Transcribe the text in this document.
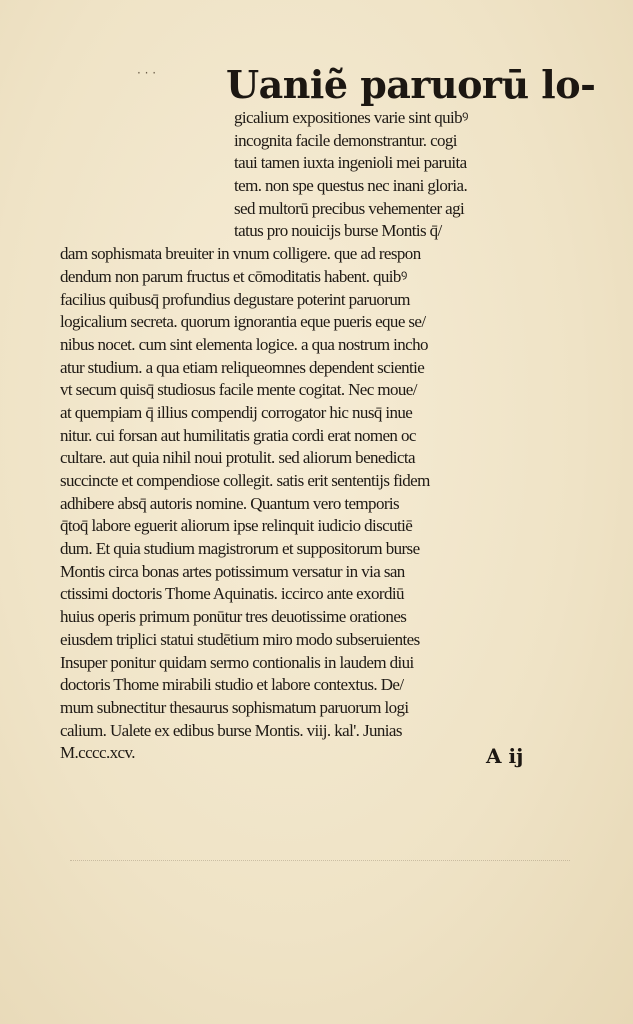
Uaniẽ paruorū lo-
· · ·
gicalium expositiones varie sint quibꝰ
incognita facile demonstrantur. cogi
taui tamen iuxta ingenioli mei paruita
tem. non spe questus nec inani gloria.
sed multorū precibus vehementer agi
tatus pro nouicijs burse Montis q̄/
dam sophismata breuiter in vnum colligere. que ad respon
dendum non parum fructus et cōmoditatis habent. quibꝰ
facilius quibusq̄ profundius degustare poterint paruorum
logicalium secreta. quorum ignorantia eque pueris eque se/
nibus nocet. cum sint elementa logice. a qua nostrum incho
atur studium. a qua etiam reliqueomnes dependent scientie
vt secum quisq̄ studiosus facile mente cogitat. Nec moue/
at quempiam q̄ illius compendij corrogator hic nusq̄ inue
nitur. cui forsan aut humilitatis gratia cordi erat nomen oc
cultare. aut quia nihil noui protulit. sed aliorum benedicta
succincte et compendiose collegit. satis erit sententijs fidem
adhibere absq̄ autoris nomine. Quantum vero temporis
q̄toq̄ labore eguerit aliorum ipse relinquit iudicio discutiē
dum. Et quia studium magistrorum et suppositorum burse
Montis circa bonas artes potissimum versatur in via san
ctissimi doctoris Thome Aquinatis. iccirco ante exordiū
huius operis primum ponūtur tres deuotissime orationes
eiusdem triplici statui studētium miro modo subseruientes
Insuper ponitur quidam sermo contionalis in laudem diui
doctoris Thome mirabili studio et labore contextus. De/
mum subnectitur thesaurus sophismatum paruorum logi
calium. Ualete ex edibus burse Montis. viij. kal'. Junias
M.cccc.xcv.	A ij
